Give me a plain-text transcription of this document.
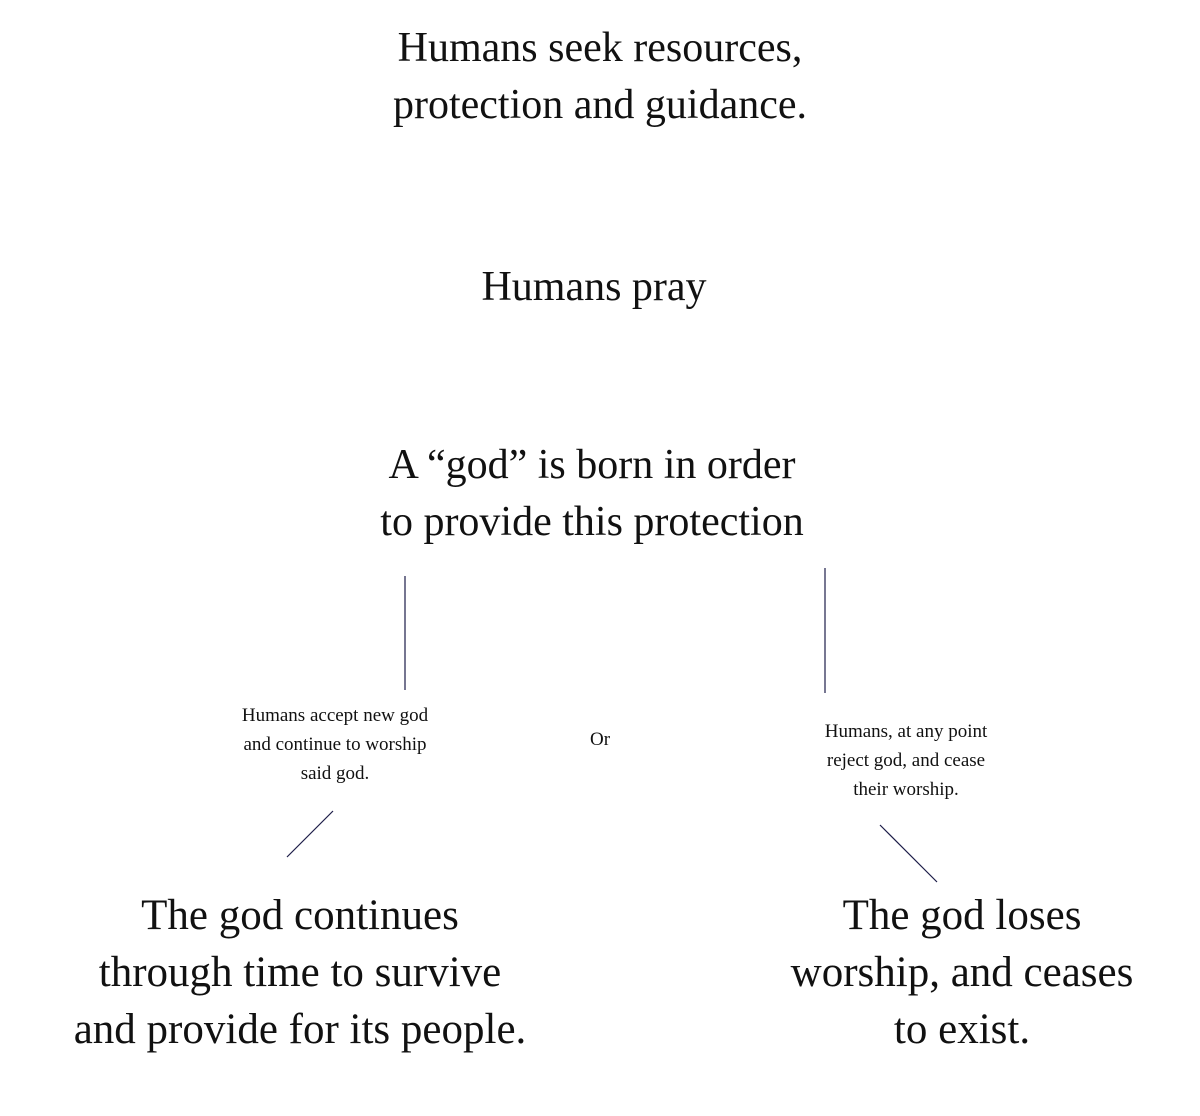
Humans seek resources,
protection and guidance.
Humans pray
A “god” is born in order
to provide this protection
Humans accept new god
and continue to worship
said god.
Or	Humans, at any point
reject god, and cease
their worship.
The god continues
through time to survive
and provide for its people.
The god loses
worship, and ceases
to exist.
